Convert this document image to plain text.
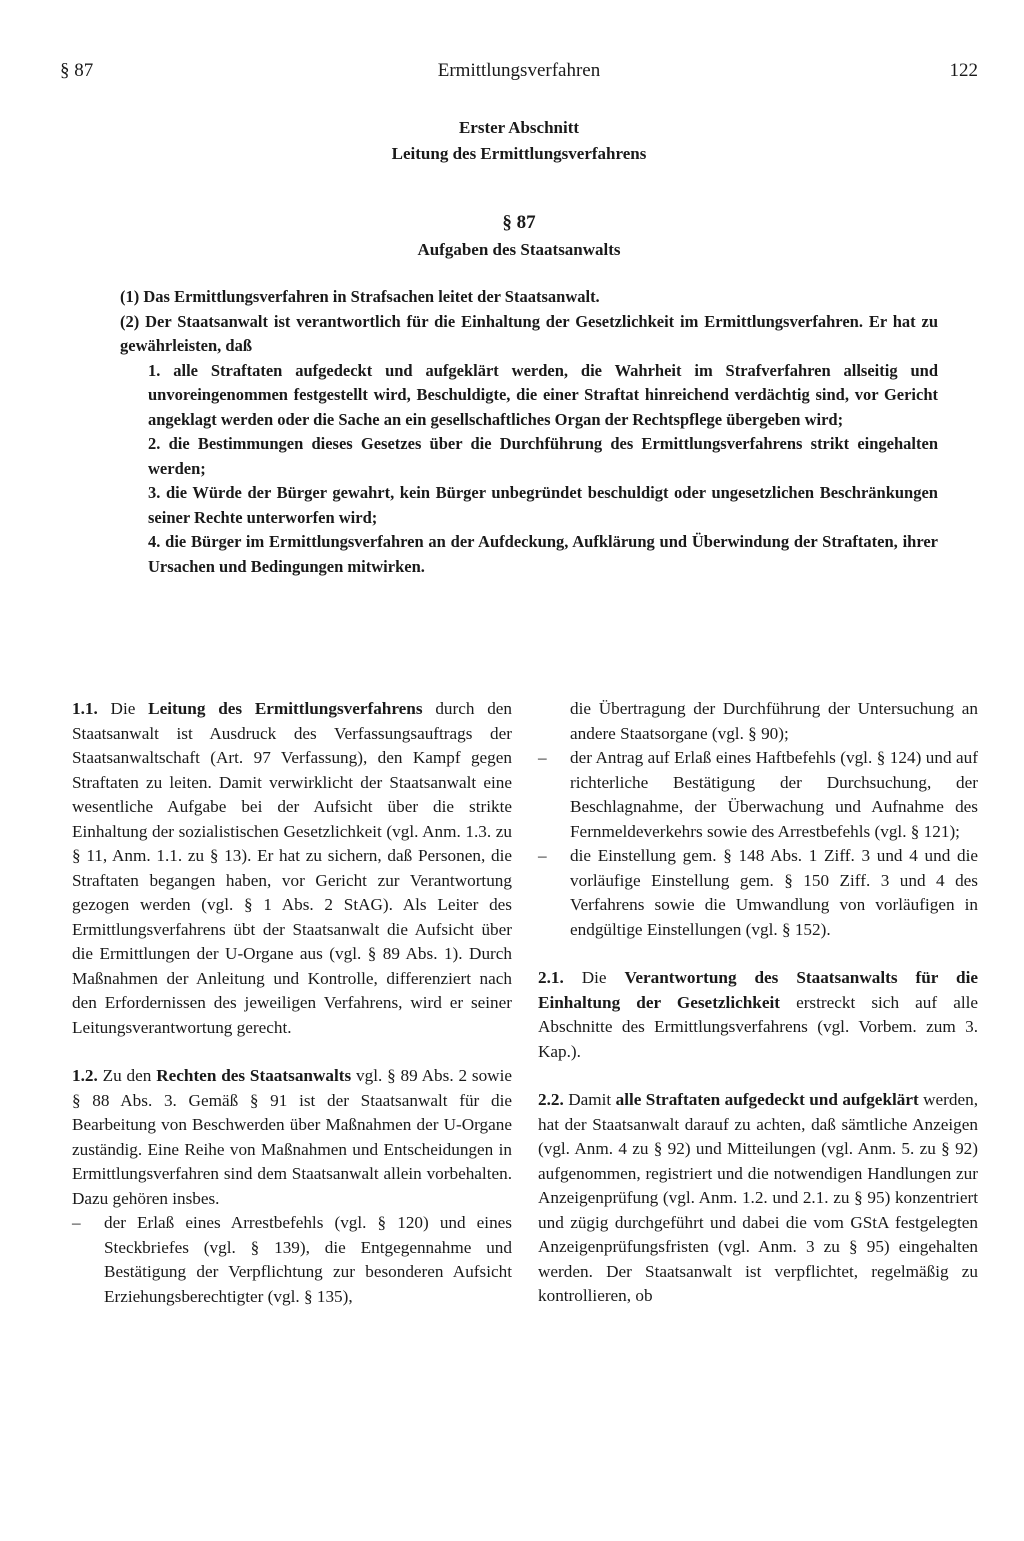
§ 87	Ermittlungsverfahren	122
Erster Abschnitt
Leitung des Ermittlungsverfahrens
§ 87
Aufgaben des Staatsanwalts

(1) Das Ermittlungsverfahren in Strafsachen leitet der Staatsanwalt.

(2) Der Staatsanwalt ist verantwortlich für die Einhaltung der Gesetzlichkeit im Ermittlungsverfahren. Er hat zu gewährleisten, daß

1. alle Straftaten aufgedeckt und aufgeklärt werden, die Wahrheit im Strafverfahren allseitig und unvoreingenommen festgestellt wird, Beschuldigte, die einer Straftat hinreichend verdächtig sind, vor Gericht angeklagt werden oder die Sache an ein gesellschaftliches Organ der Rechtspflege übergeben wird;

2. die Bestimmungen dieses Gesetzes über die Durchführung des Ermittlungsverfahrens strikt eingehalten werden;

3. die Würde der Bürger gewahrt, kein Bürger unbegründet beschuldigt oder ungesetzlichen Beschränkungen seiner Rechte unterworfen wird;

4. die Bürger im Ermittlungsverfahren an der Aufdeckung, Aufklärung und Überwindung der Straftaten, ihrer Ursachen und Bedingungen mitwirken.

1.1. Die Leitung des Ermittlungsverfahrens durch den Staatsanwalt ist Ausdruck des Verfassungsauftrags der Staatsanwaltschaft (Art. 97 Verfassung), den Kampf gegen Straftaten zu leiten. Damit verwirklicht der Staatsanwalt eine wesentliche Aufgabe bei der Aufsicht über die strikte Einhaltung der sozialistischen Gesetzlichkeit (vgl. Anm. 1.3. zu § 11, Anm. 1.1. zu § 13). Er hat zu sichern, daß Personen, die Straftaten begangen haben, vor Gericht zur Verantwortung gezogen werden (vgl. § 1 Abs. 2 StAG). Als Leiter des Ermittlungsverfahrens übt der Staatsanwalt die Aufsicht über die Ermittlungen der U-Organe aus (vgl. § 89 Abs. 1). Durch Maßnahmen der Anleitung und Kontrolle, differenziert nach den Erfordernissen des jeweiligen Verfahrens, wird er seiner Leitungsverantwortung gerecht.

1.2. Zu den Rechten des Staatsanwalts vgl. § 89 Abs. 2 sowie § 88 Abs. 3. Gemäß § 91 ist der Staatsanwalt für die Bearbeitung von Beschwerden über Maßnahmen der U-Organe zuständig. Eine Reihe von Maßnahmen und Entscheidungen in Ermittlungsverfahren sind dem Staatsanwalt allein vorbehalten. Dazu gehören insbes.

– der Erlaß eines Arrestbefehls (vgl. § 120) und eines Steckbriefes (vgl. § 139), die Entgegennahme und Bestätigung der Verpflichtung zur besonderen Aufsicht Erziehungsberechtigter (vgl. § 135),

die Übertragung der Durchführung der Untersuchung an andere Staatsorgane (vgl. § 90);

– der Antrag auf Erlaß eines Haftbefehls (vgl. § 124) und auf richterliche Bestätigung der Durchsuchung, der Beschlagnahme, der Überwachung und Aufnahme des Fernmeldeverkehrs sowie des Arrestbefehls (vgl. § 121);
– die Einstellung gem. § 148 Abs. 1 Ziff. 3 und 4 und die vorläufige Einstellung gem. § 150 Ziff. 3 und 4 des Verfahrens sowie die Umwandlung von vorläufigen in endgültige Einstellungen (vgl. § 152).

2.1. Die Verantwortung des Staatsanwalts für die Einhaltung der Gesetzlichkeit erstreckt sich auf alle Abschnitte des Ermittlungsverfahrens (vgl. Vorbem. zum 3. Kap.).

2.2. Damit alle Straftaten aufgedeckt und aufgeklärt werden, hat der Staatsanwalt darauf zu achten, daß sämtliche Anzeigen (vgl. Anm. 4 zu § 92) und Mitteilungen (vgl. Anm. 5. zu § 92) aufgenommen, registriert und die notwendigen Handlungen zur Anzeigenprüfung (vgl. Anm. 1.2. und 2.1. zu § 95) konzentriert und zügig durchgeführt und dabei die vom GStA festgelegten Anzeigenprüfungsfristen (vgl. Anm. 3 zu § 95) eingehalten werden. Der Staatsanwalt ist verpflichtet, regelmäßig zu kontrollieren, ob
